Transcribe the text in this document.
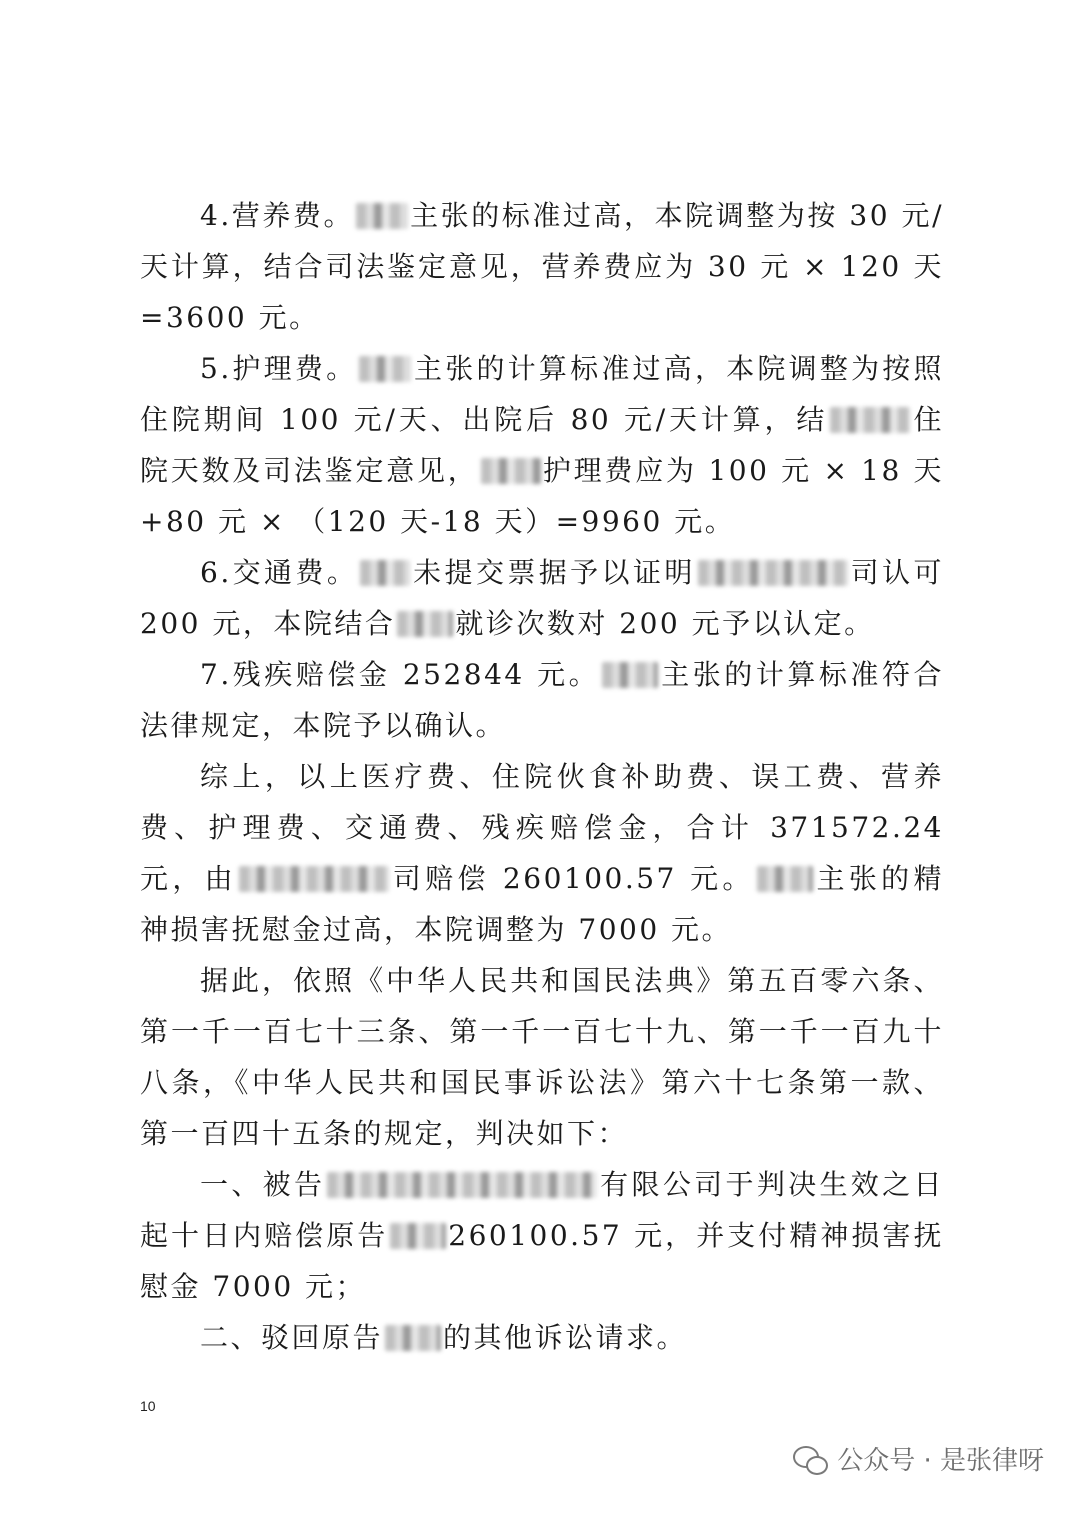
4.营养费。 主张的标准过高，本院调整为按 30 元/天计算，结合司法鉴定意见，营养费应为 30 元 × 120 天=3600 元。

5.护理费。 主张的计算标准过高，本院调整为按照住院期间 100 元/天、出院后 80 元/天计算，结	住院天数及司法鉴定意见， 护理费应为 100 元 × 18 天+80 元 × （120 天-18 天）=9960 元。

6.交通费。 未提交票据予以证明	司认可 200 元，本院结合 就诊次数对 200 元予以认定。

7.残疾赔偿金 252844 元。 主张的计算标准符合法律规定，本院予以确认。

综上，以上医疗费、住院伙食补助费、误工费、营养费、护理费、交通费、残疾赔偿金，合计 371572.24 元，由	司赔偿 260100.57 元。 主张的精神损害抚慰金过高，本院调整为 7000 元。

据此，依照《中华人民共和国民法典》第五百零六条、第一千一百七十三条、第一千一百七十九、第一千一百九十八条，《中华人民共和国民事诉讼法》第六十七条第一款、第一百四十五条的规定，判决如下：

一、被告	有限公司于判决生效之日起十日内赔偿原告 260100.57 元，并支付精神损害抚慰金 7000 元；

二、驳回原告 的其他诉讼请求。

10
公众号 · 是张律呀
